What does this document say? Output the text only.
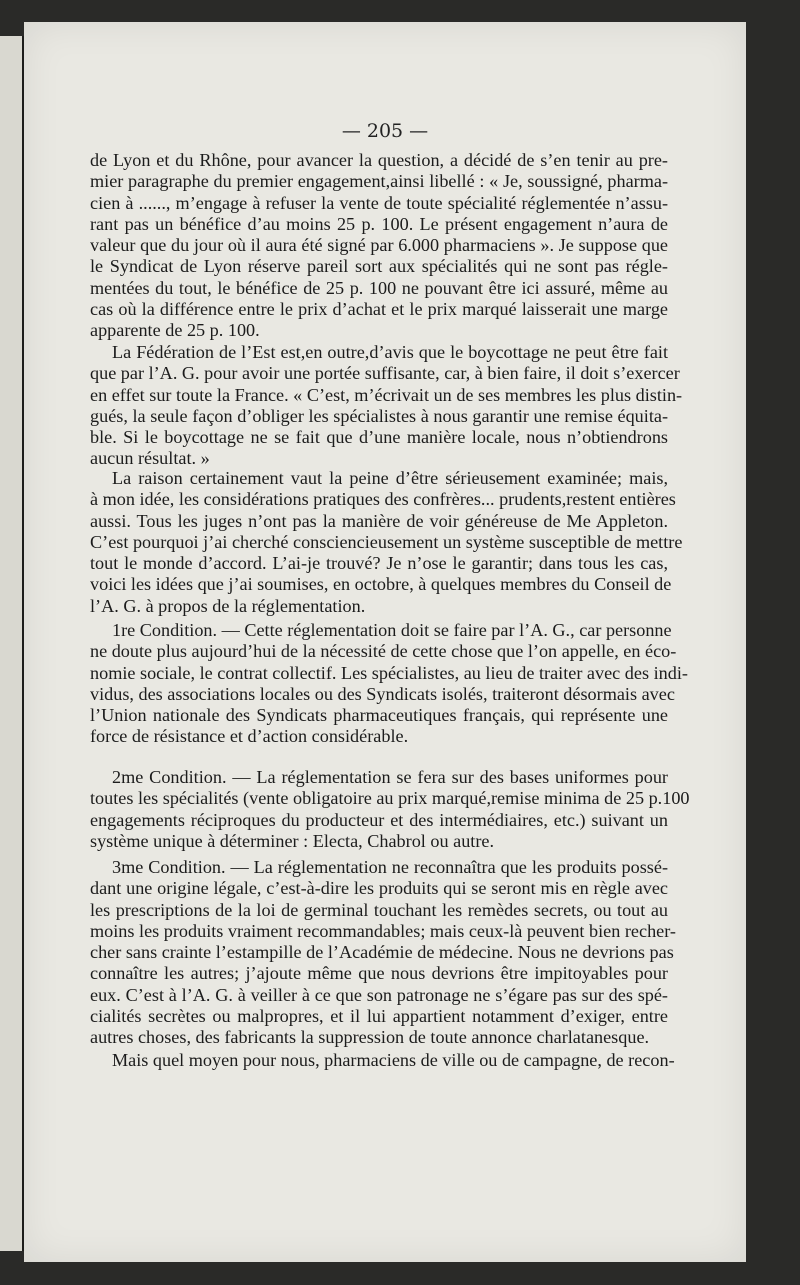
— 205 —
de Lyon et du Rhône, pour avancer la question, a décidé de s’en tenir au pre-
mier paragraphe du premier engagement,ainsi libellé : « Je, soussigné, pharma-
cien à ......, m’engage à refuser la vente de toute spécialité réglementée n’assu-
rant pas un bénéfice d’au moins 25 p. 100. Le présent engagement n’aura de
valeur que du jour où il aura été signé par 6.000 pharmaciens ». Je suppose que
le Syndicat de Lyon réserve pareil sort aux spécialités qui ne sont pas régle-
mentées du tout, le bénéfice de 25 p. 100 ne pouvant être ici assuré, même au
cas où la différence entre le prix d’achat et le prix marqué laisserait une marge
apparente de 25 p. 100.
La Fédération de l’Est est,en outre,d’avis que le boycottage ne peut être fait
que par l’A. G. pour avoir une portée suffisante, car, à bien faire, il doit s’exercer
en effet sur toute la France. « C’est, m’écrivait un de ses membres les plus distin-
gués, la seule façon d’obliger les spécialistes à nous garantir une remise équita-
ble. Si le boycottage ne se fait que d’une manière locale, nous n’obtiendrons
aucun résultat. »
La raison certainement vaut la peine d’être sérieusement examinée; mais,
à mon idée, les considérations pratiques des confrères... prudents,restent entières
aussi. Tous les juges n’ont pas la manière de voir généreuse de Me Appleton.
C’est pourquoi j’ai cherché consciencieusement un système susceptible de mettre
tout le monde d’accord. L’ai-je trouvé? Je n’ose le garantir; dans tous les cas,
voici les idées que j’ai soumises, en octobre, à quelques membres du Conseil de
l’A. G. à propos de la réglementation.
1re Condition. — Cette réglementation doit se faire par l’A. G., car personne
ne doute plus aujourd’hui de la nécessité de cette chose que l’on appelle, en éco-
nomie sociale, le contrat collectif. Les spécialistes, au lieu de traiter avec des indi-
vidus, des associations locales ou des Syndicats isolés, traiteront désormais avec
l’Union nationale des Syndicats pharmaceutiques français, qui représente une
force de résistance et d’action considérable.
2me Condition. — La réglementation se fera sur des bases uniformes pour
toutes les spécialités (vente obligatoire au prix marqué,remise minima de 25 p.100
engagements réciproques du producteur et des intermédiaires, etc.) suivant un
système unique à déterminer : Electa, Chabrol ou autre.
3me Condition. — La réglementation ne reconnaîtra que les produits possé-
dant une origine légale, c’est-à-dire les produits qui se seront mis en règle avec
les prescriptions de la loi de germinal touchant les remèdes secrets, ou tout au
moins les produits vraiment recommandables; mais ceux-là peuvent bien recher-
cher sans crainte l’estampille de l’Académie de médecine. Nous ne devrions pas
connaître les autres; j’ajoute même que nous devrions être impitoyables pour
eux. C’est à l’A. G. à veiller à ce que son patronage ne s’égare pas sur des spé-
cialités secrètes ou malpropres, et il lui appartient notamment d’exiger, entre
autres choses, des fabricants la suppression de toute annonce charlatanesque.
Mais quel moyen pour nous, pharmaciens de ville ou de campagne, de recon-
